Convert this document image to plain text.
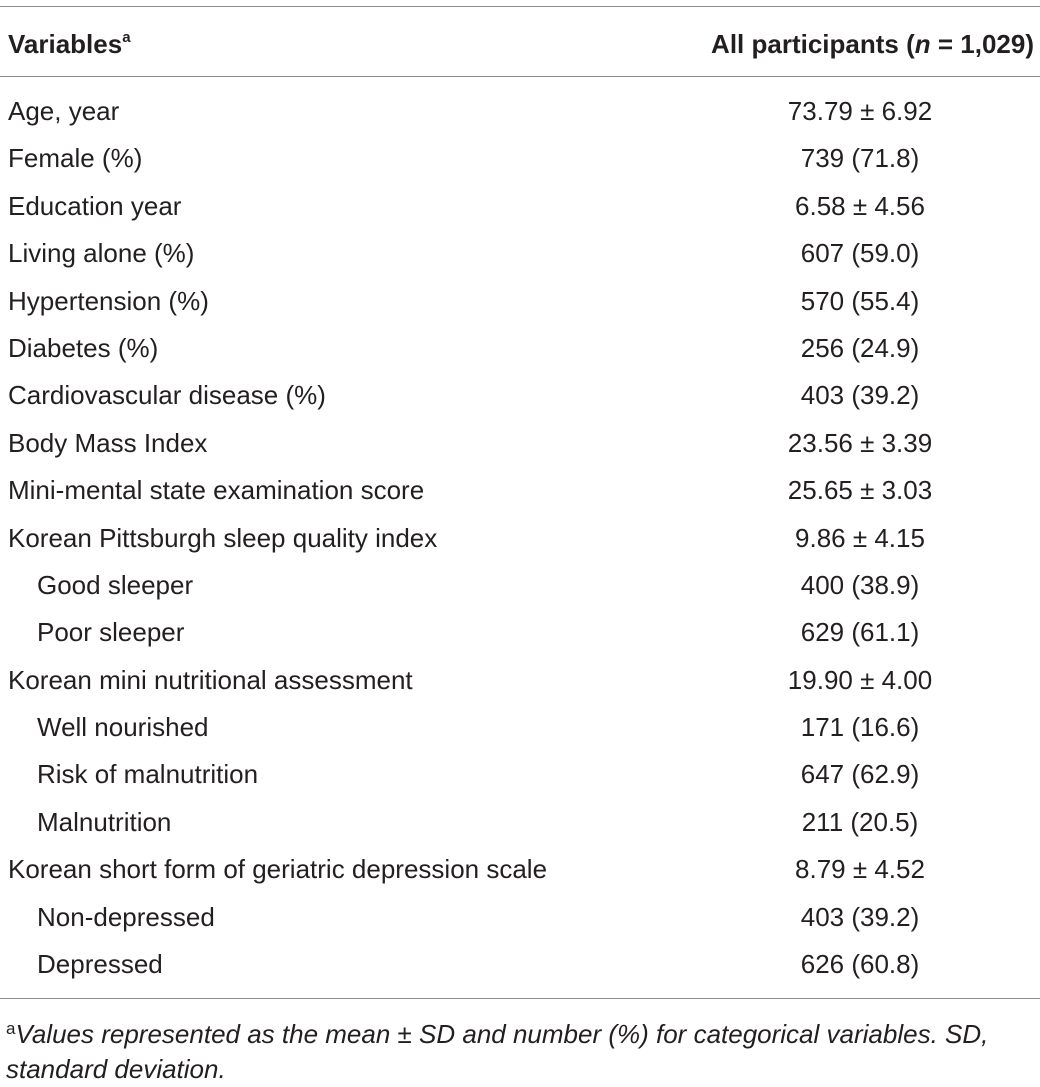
Variables$^a$	All participants (n = 1,029)
Age, year	73.79 ± 6.92
Female (%)	739 (71.8)
Education year	6.58 ± 4.56
Living alone (%)	607 (59.0)
Hypertension (%)	570 (55.4)
Diabetes (%)	256 (24.9)
Cardiovascular disease (%)	403 (39.2)
Body Mass Index	23.56 ± 3.39
Mini-mental state examination score	25.65 ± 3.03
Korean Pittsburgh sleep quality index	9.86 ± 4.15
Good sleeper	400 (38.9)
Poor sleeper	629 (61.1)
Korean mini nutritional assessment	19.90 ± 4.00
Well nourished	171 (16.6)
Risk of malnutrition	647 (62.9)
Malnutrition	211 (20.5)
Korean short form of geriatric depression scale	8.79 ± 4.52
Non-depressed	403 (39.2)
Depressed	626 (60.8)
$^a$Values represented as the mean ± SD and number (%) for categorical variables. SD, standard deviation.
